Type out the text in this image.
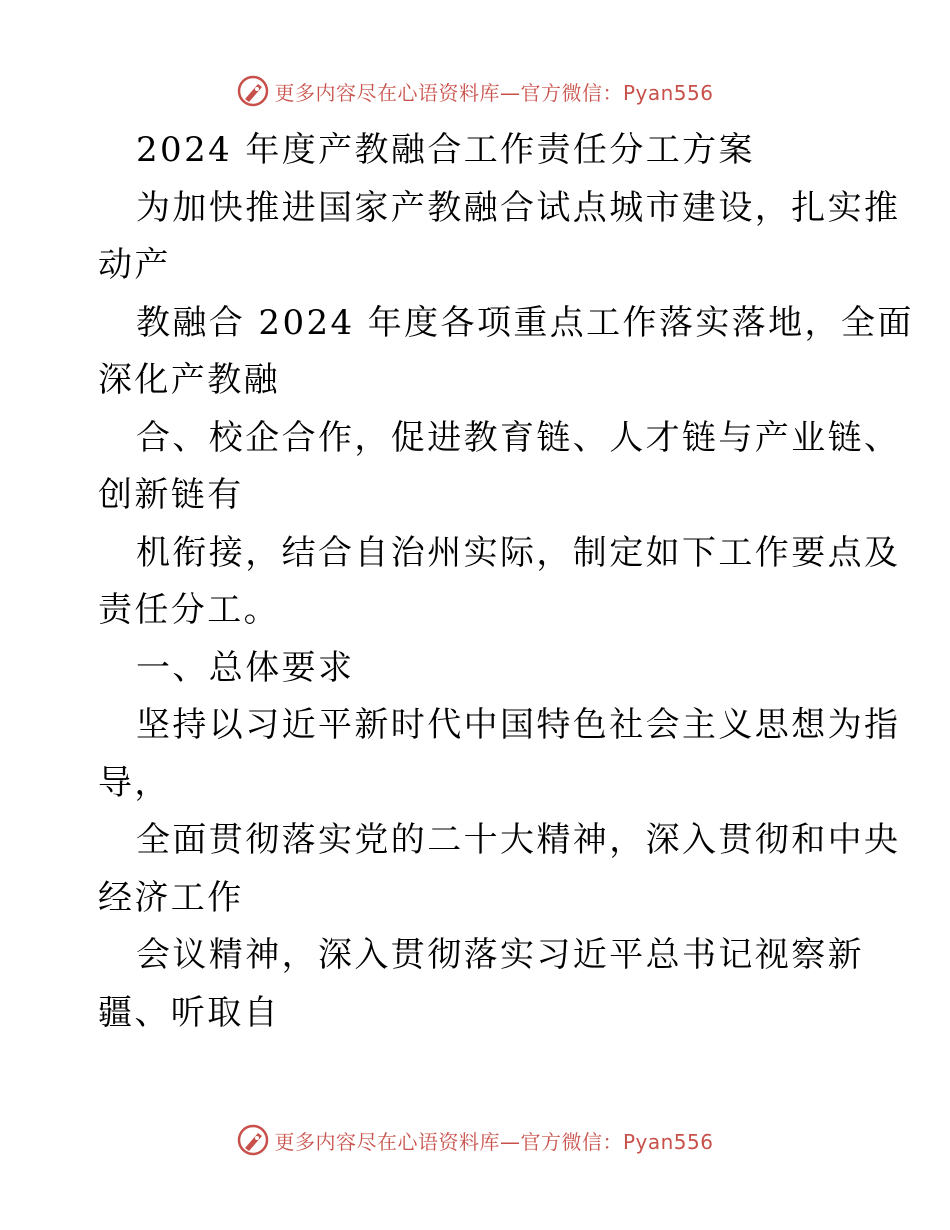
更多内容尽在心语资料库—官方微信：Pyan556
2024 年度产教融合工作责任分工方案
为加快推进国家产教融合试点城市建设，扎实推
动产
教融合 2024 年度各项重点工作落实落地，全面
深化产教融
合、校企合作，促进教育链、人才链与产业链、
创新链有
机衔接，结合自治州实际，制定如下工作要点及
责任分工。
一、总体要求
坚持以习近平新时代中国特色社会主义思想为指
导，
全面贯彻落实党的二十大精神，深入贯彻和中央
经济工作
会议精神，深入贯彻落实习近平总书记视察新
疆、听取自
更多内容尽在心语资料库—官方微信：Pyan556
